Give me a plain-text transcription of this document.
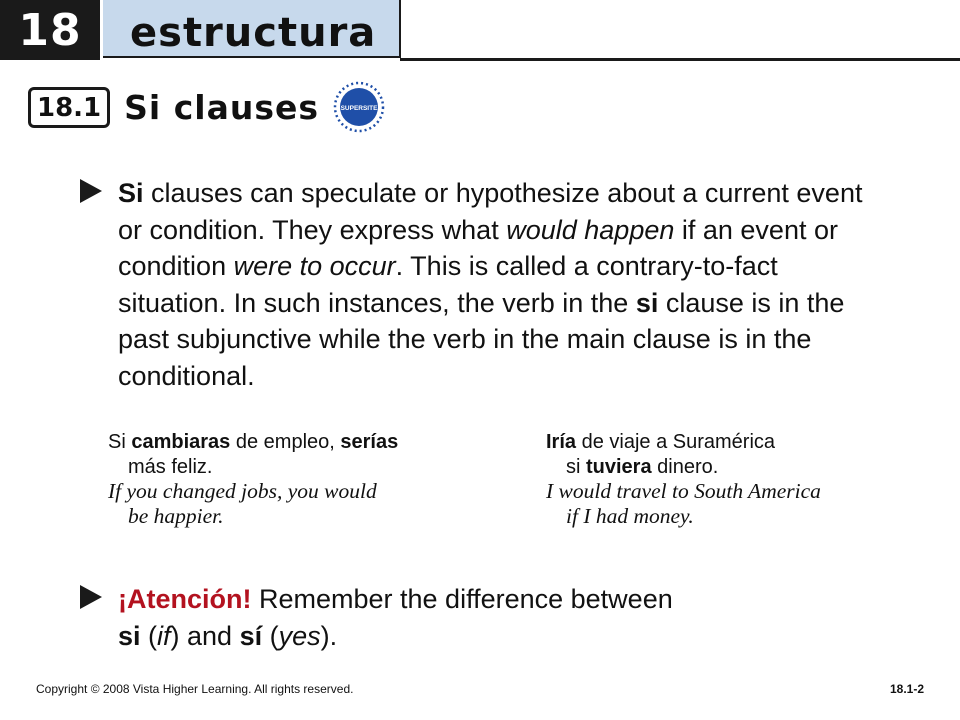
18 estructura
18.1 Si clauses	SUPERSITE
Si clauses can speculate or hypothesize about a current event or condition. They express what would happen if an event or condition were to occur. This is called a contrary-to-fact situation. In such instances, the verb in the si clause is in the past subjunctive while the verb in the main clause is in the conditional.
Si cambiaras de empleo, serías
más feliz.
If you changed jobs, you would
be happier.
Iría de viaje a Suramérica
si tuviera dinero.
I would travel to South America
if I had money.
¡Atención! Remember the difference between
si (if) and sí (yes).
Copyright © 2008 Vista Higher Learning. All rights reserved.	18.1-2
